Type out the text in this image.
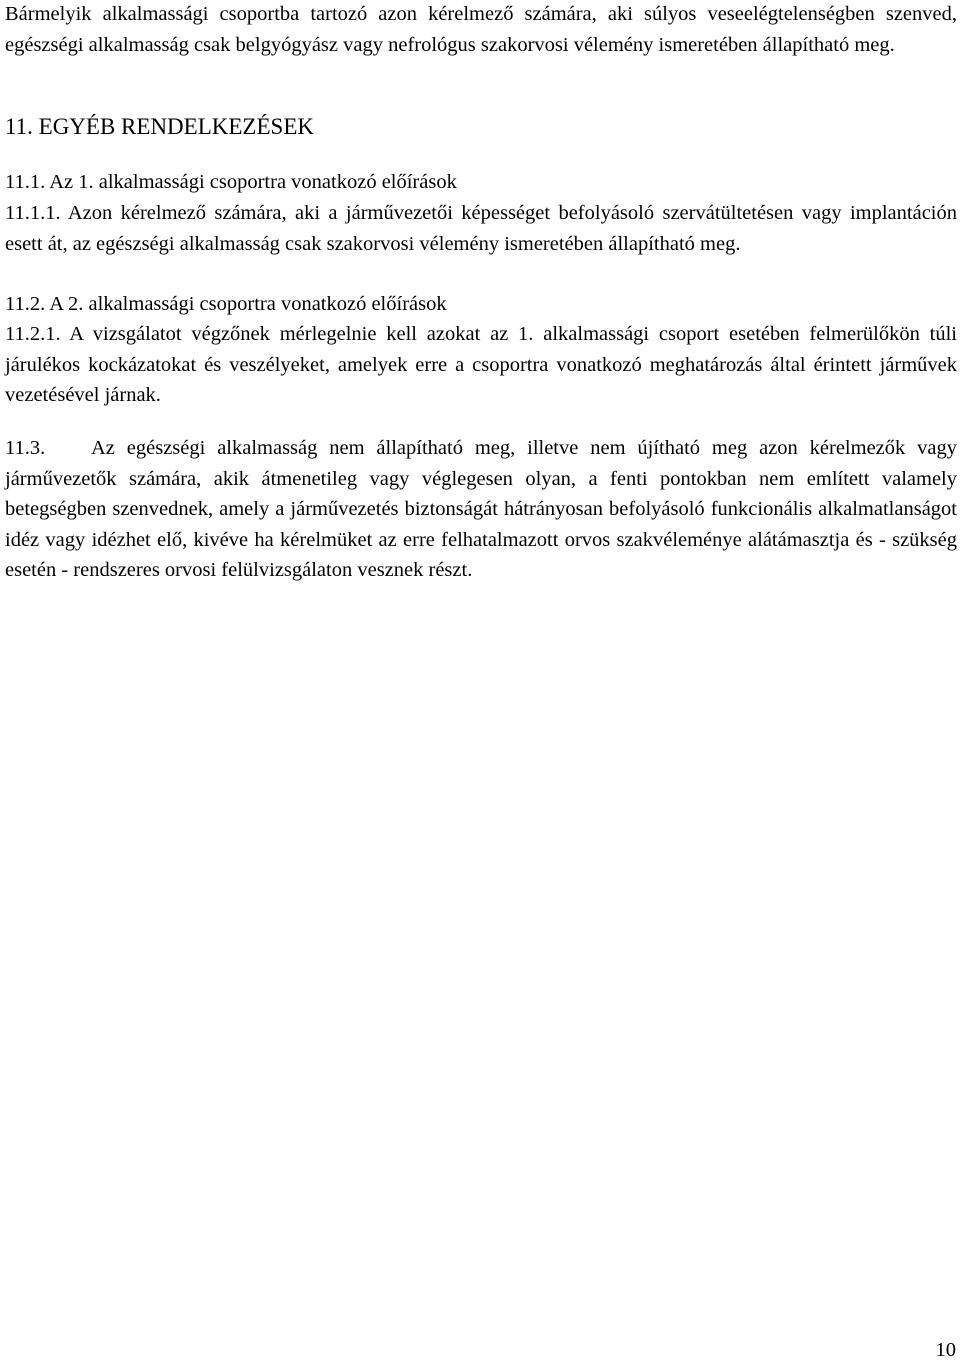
Bármelyik alkalmassági csoportba tartozó azon kérelmező számára, aki súlyos veseelégtelenségben szenved, egészségi alkalmasság csak belgyógyász vagy nefrológus szakorvosi vélemény ismeretében állapítható meg.

11. EGYÉB RENDELKEZÉSEK

11.1. Az 1. alkalmassági csoportra vonatkozó előírások

11.1.1. Azon kérelmező számára, aki a járművezetői képességet befolyásoló szervátültetésen vagy implantáción esett át, az egészségi alkalmasság csak szakorvosi vélemény ismeretében állapítható meg.

11.2. A 2. alkalmassági csoportra vonatkozó előírások

11.2.1. A vizsgálatot végzőnek mérlegelnie kell azokat az 1. alkalmassági csoport esetében felmerülőkön túli járulékos kockázatokat és veszélyeket, amelyek erre a csoportra vonatkozó meghatározás által érintett járművek vezetésével járnak.

11.3. Az egészségi alkalmasság nem állapítható meg, illetve nem újítható meg azon kérelmezők vagy járművezetők számára, akik átmenetileg vagy véglegesen olyan, a fenti pontokban nem említett valamely betegségben szenvednek, amely a járművezetés biztonságát hátrányosan befolyásoló funkcionális alkalmatlanságot idéz vagy idézhet elő, kivéve ha kérelmüket az erre felhatalmazott orvos szakvéleménye alátámasztja és - szükség esetén - rendszeres orvosi felülvizsgálaton vesznek részt.

10
